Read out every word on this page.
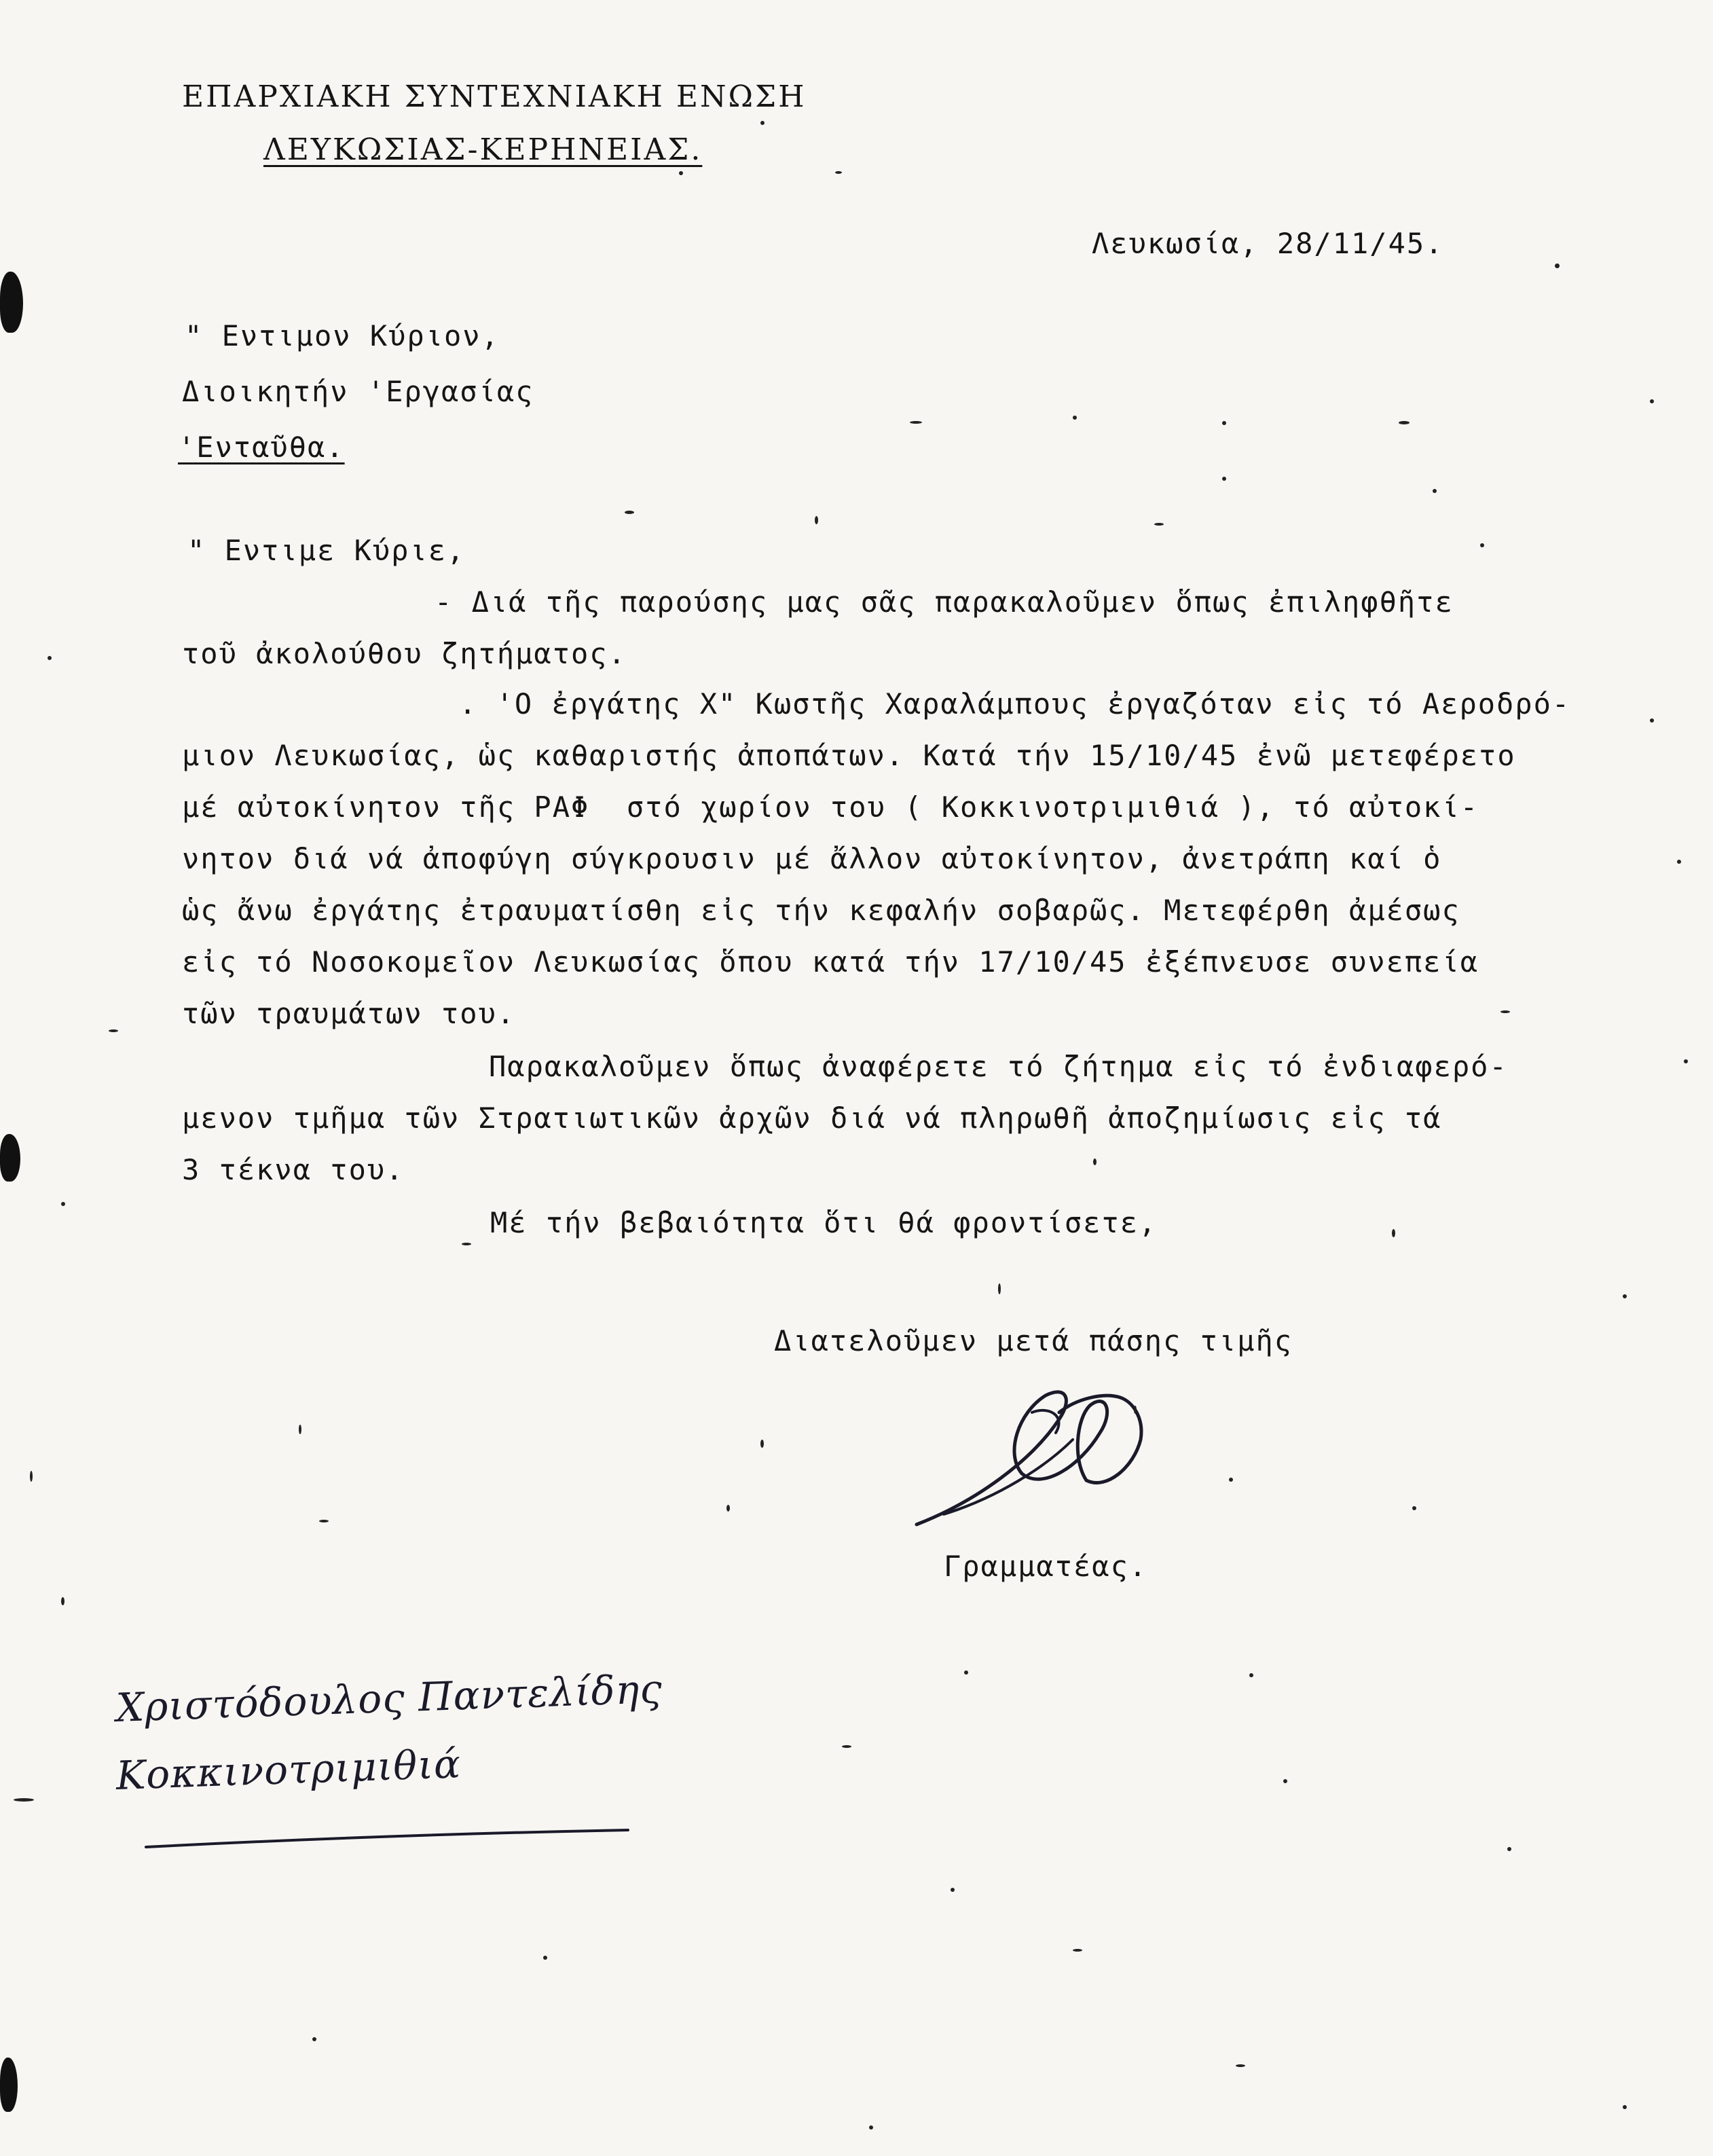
ΕΠΑΡΧΙΑΚΗ ΣΥΝΤΕΧΝΙΑΚΗ ΕΝΩΣΗ
ΛΕΥΚΩΣΙΑΣ-ΚΕΡΗΝΕΙΑΣ.
Λευκωσία, 28/11/45.
" Εντιμον Κύριον,
Διοικητήν 'Εργασίας
'Ενταῦθα.
" Εντιμε Κύριε,
- Διά τῆς παρούσης μας σᾶς παρακαλοῦμεν ὅπως ἐπιληφθῆτε
τοῦ ἀκολούθου ζητήματος.
. 'Ο ἐργάτης Χ" Κωστῆς Χαραλάμπους ἐργαζόταν εἰς τό Αεροδρό-
μιον Λευκωσίας, ὡς καθαριστής ἀποπάτων. Κατά τήν 15/10/45 ἐνῶ μετεφέρετο
μέ αὐτοκίνητον τῆς ΡΑΦ  στό χωρίον του ( Κοκκινοτριμιθιά ), τό αὐτοκί-
νητον διά νά ἀποφύγη σύγκρουσιν μέ ἄλλον αὐτοκίνητον, ἀνετράπη καί ὁ
ὡς ἄνω ἐργάτης ἐτραυματίσθη εἰς τήν κεφαλήν σοβαρῶς. Μετεφέρθη ἀμέσως
εἰς τό Νοσοκομεῖον Λευκωσίας ὅπου κατά τήν 17/10/45 ἐξέπνευσε συνεπεία
τῶν τραυμάτων του.
Παρακαλοῦμεν ὅπως ἀναφέρετε τό ζήτημα εἰς τό ἐνδιαφερό-
μενον τμῆμα τῶν Στρατιωτικῶν ἀρχῶν διά νά πληρωθῆ ἀποζημίωσις εἰς τά
3 τέκνα του.
Μέ τήν βεβαιότητα ὅτι θά φροντίσετε,
Διατελοῦμεν μετά πάσης τιμῆς
Γραμματέας.
Χριστόδουλος Παντελίδης
Κοκκινοτριμιθιά
